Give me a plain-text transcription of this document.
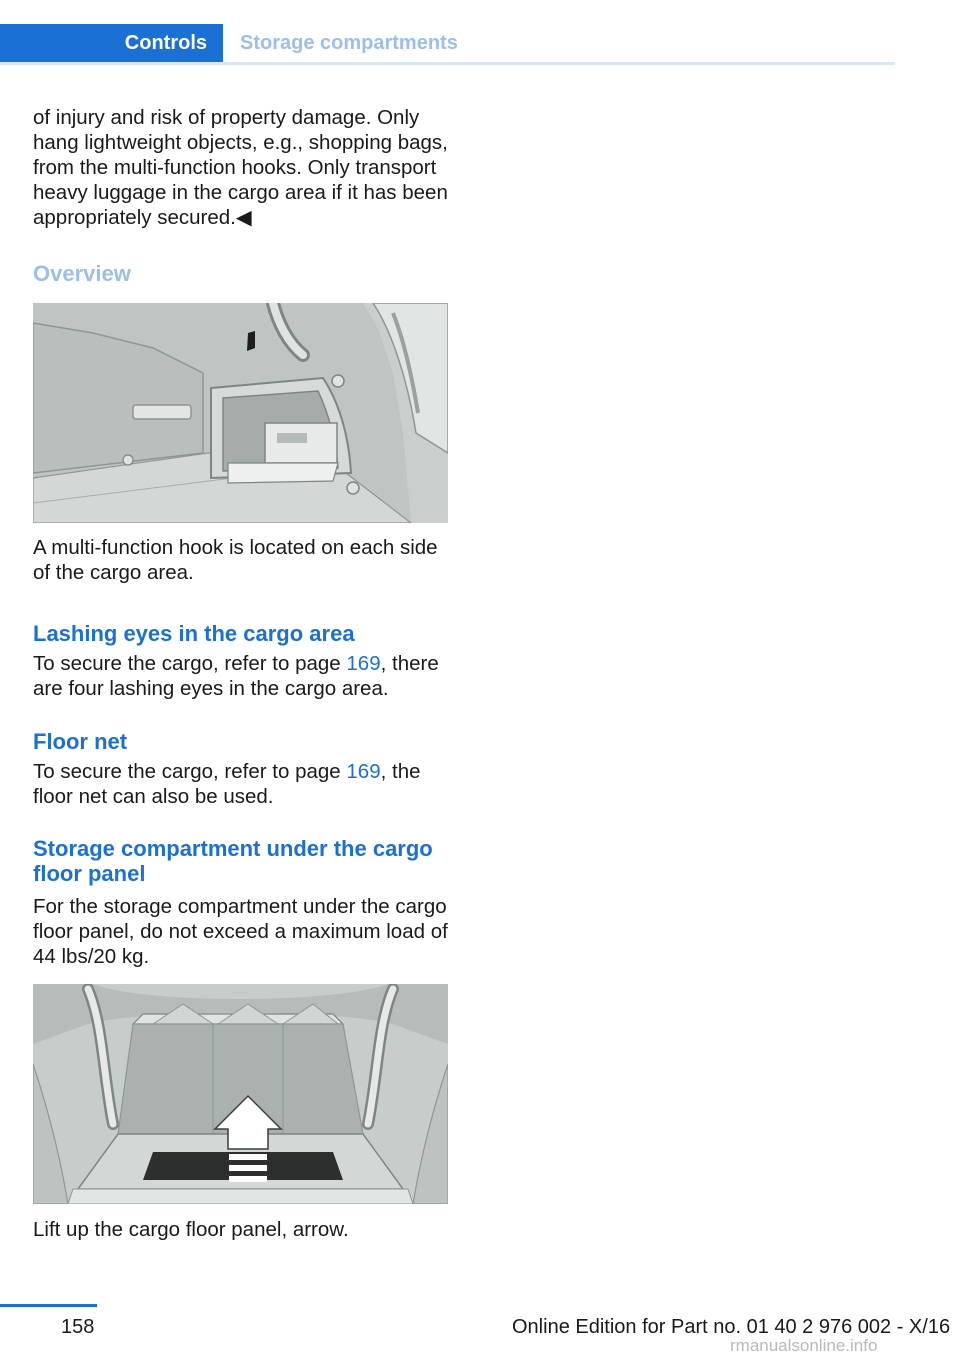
Controls	Storage compartments

of injury and risk of property damage. Only hang lightweight objects, e.g., shopping bags, from the multi-function hooks. Only transport heavy luggage in the cargo area if it has been appropriately secured.◀

Overview

A multi-function hook is located on each side of the cargo area.

Lashing eyes in the cargo area

To secure the cargo, refer to page 169, there are four lashing eyes in the cargo area.

Floor net

To secure the cargo, refer to page 169, the floor net can also be used.

Storage compartment under the cargo floor panel

For the storage compartment under the cargo floor panel, do not exceed a maximum load of 44 lbs/20 kg.

Lift up the cargo floor panel, arrow.

158	Online Edition for Part no. 01 40 2 976 002 - X/16
rmanualsonline.info
